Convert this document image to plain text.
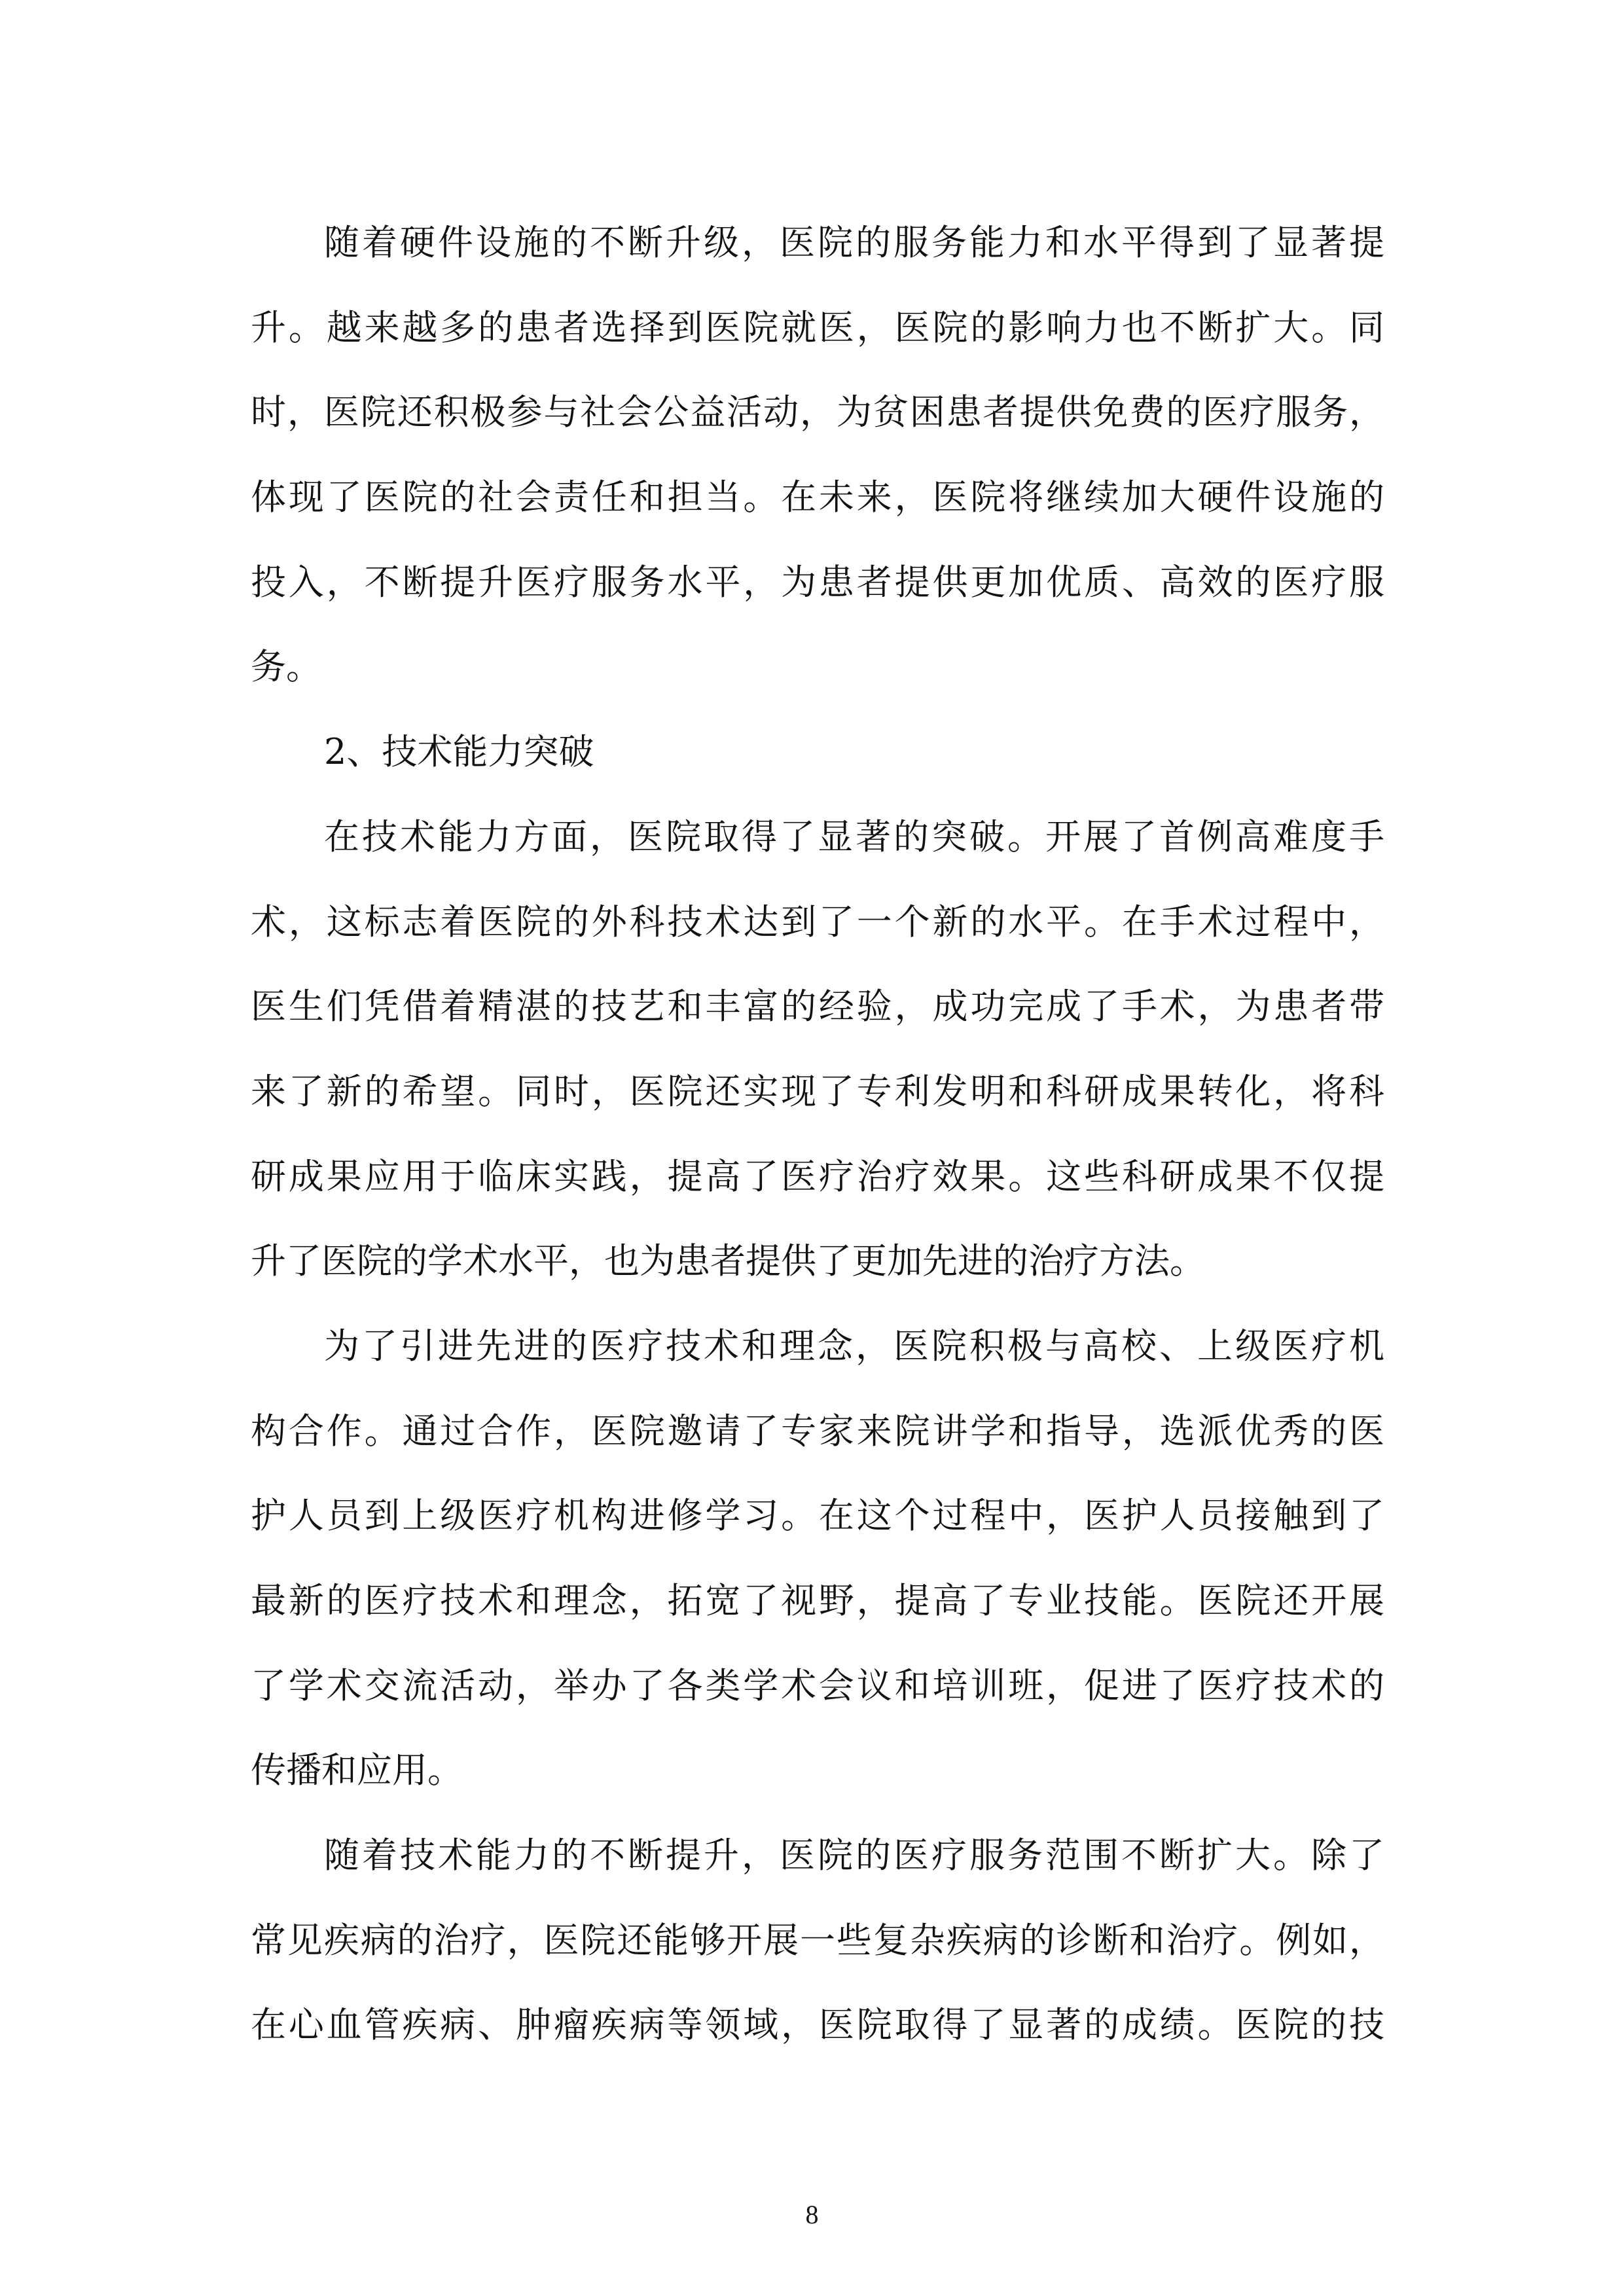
随着硬件设施的不断升级，医院的服务能力和水平得到了显著提
升。越来越多的患者选择到医院就医，医院的影响力也不断扩大。同
时，医院还积极参与社会公益活动，为贫困患者提供免费的医疗服务，
体现了医院的社会责任和担当。在未来，医院将继续加大硬件设施的
投入，不断提升医疗服务水平，为患者提供更加优质、高效的医疗服
务。
2、技术能力突破
在技术能力方面，医院取得了显著的突破。开展了首例高难度手
术，这标志着医院的外科技术达到了一个新的水平。在手术过程中，
医生们凭借着精湛的技艺和丰富的经验，成功完成了手术，为患者带
来了新的希望。同时，医院还实现了专利发明和科研成果转化，将科
研成果应用于临床实践，提高了医疗治疗效果。这些科研成果不仅提
升了医院的学术水平，也为患者提供了更加先进的治疗方法。
为了引进先进的医疗技术和理念，医院积极与高校、上级医疗机
构合作。通过合作，医院邀请了专家来院讲学和指导，选派优秀的医
护人员到上级医疗机构进修学习。在这个过程中，医护人员接触到了
最新的医疗技术和理念，拓宽了视野，提高了专业技能。医院还开展
了学术交流活动，举办了各类学术会议和培训班，促进了医疗技术的
传播和应用。
随着技术能力的不断提升，医院的医疗服务范围不断扩大。除了
常见疾病的治疗，医院还能够开展一些复杂疾病的诊断和治疗。例如，
在心血管疾病、肿瘤疾病等领域，医院取得了显著的成绩。医院的技
8
